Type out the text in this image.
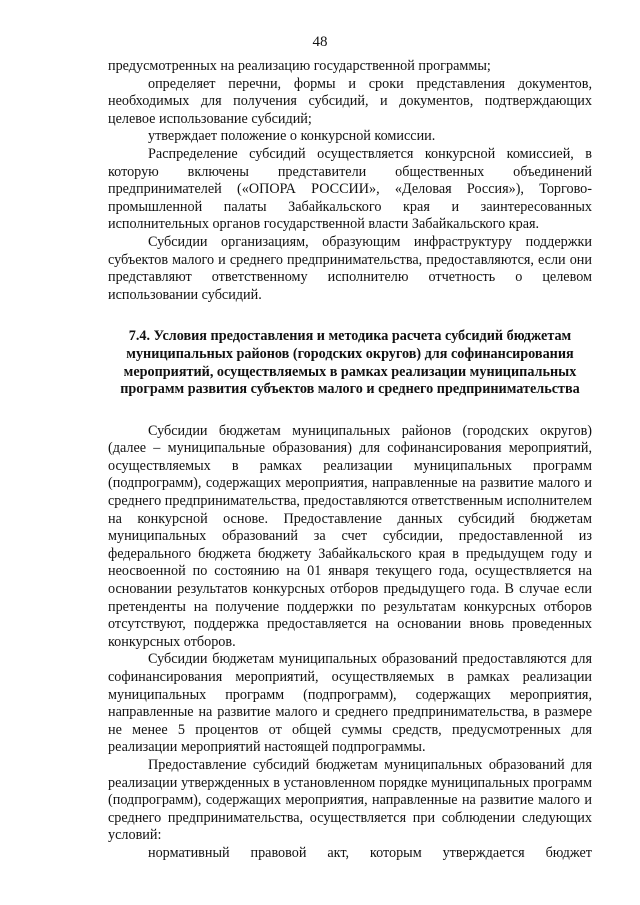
48

предусмотренных на реализацию государственной программы;

определяет перечни, формы и сроки представления документов, необходимых для получения субсидий, и документов, подтверждающих целевое использование субсидий;

утверждает положение о конкурсной комиссии.

Распределение субсидий осуществляется конкурсной комиссией, в которую включены представители общественных объединений предпринимателей («ОПОРА РОССИИ», «Деловая Россия»), Торгово-промышленной палаты Забайкальского края и заинтересованных исполнительных органов государственной власти Забайкальского края.

Субсидии организациям, образующим инфраструктуру поддержки субъектов малого и среднего предпринимательства, предоставляются, если они представляют ответственному исполнителю отчетность о целевом использовании субсидий.

7.4. Условия предоставления и методика расчета субсидий бюджетам
муниципальных районов (городских округов) для софинансирования
мероприятий, осуществляемых в рамках реализации муниципальных
программ развития субъектов малого и среднего предпринимательства

Субсидии бюджетам муниципальных районов (городских округов) (далее – муниципальные образования) для софинансирования мероприятий, осуществляемых в рамках реализации муниципальных программ (подпрограмм), содержащих мероприятия, направленные на развитие малого и среднего предпринимательства, предоставляются ответственным исполнителем на конкурсной основе. Предоставление данных субсидий бюджетам муниципальных образований за счет субсидии, предоставленной из федерального бюджета бюджету Забайкальского края в предыдущем году и неосвоенной по состоянию на 01 января текущего года, осуществляется на основании результатов конкурсных отборов предыдущего года. В случае если претенденты на получение поддержки по результатам конкурсных отборов отсутствуют, поддержка предоставляется на основании вновь проведенных конкурсных отборов.

Субсидии бюджетам муниципальных образований предоставляются для софинансирования мероприятий, осуществляемых в рамках реализации муниципальных программ (подпрограмм), содержащих мероприятия, направленные на развитие малого и среднего предпринимательства, в размере не менее 5 процентов от общей суммы средств, предусмотренных для реализации мероприятий настоящей подпрограммы.

Предоставление субсидий бюджетам муниципальных образований для реализации утвержденных в установленном порядке муниципальных программ (подпрограмм), содержащих мероприятия, направленные на развитие малого и среднего предпринимательства, осуществляется при соблюдении следующих условий:

нормативный правовой акт, которым утверждается бюджет
